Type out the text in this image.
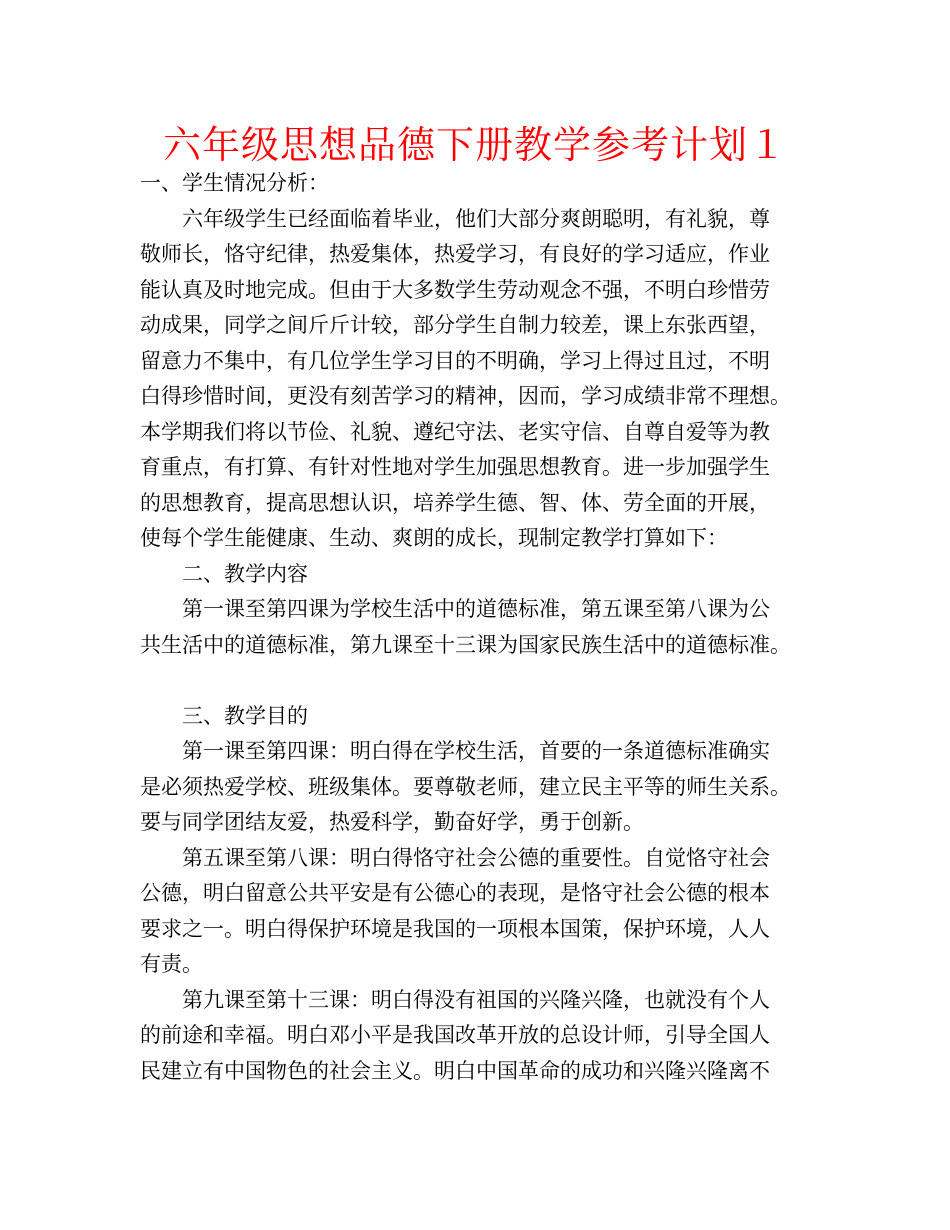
六年级思想品德下册教学参考计划１
一、学生情况分析：
六年级学生已经面临着毕业，他们大部分爽朗聪明，有礼貌，尊
敬师长，恪守纪律，热爱集体，热爱学习，有良好的学习适应，作业
能认真及时地完成。但由于大多数学生劳动观念不强，不明白珍惜劳
动成果，同学之间斤斤计较，部分学生自制力较差，课上东张西望，
留意力不集中，有几位学生学习目的不明确，学习上得过且过，不明
白得珍惜时间，更没有刻苦学习的精神，因而，学习成绩非常不理想。
本学期我们将以节俭、礼貌、遵纪守法、老实守信、自尊自爱等为教
育重点，有打算、有针对性地对学生加强思想教育。进一步加强学生
的思想教育，提高思想认识，培养学生德、智、体、劳全面的开展，
使每个学生能健康、生动、爽朗的成长，现制定教学打算如下：
二、教学内容
第一课至第四课为学校生活中的道德标准，第五课至第八课为公
共生活中的道德标准，第九课至十三课为国家民族生活中的道德标准。
三、教学目的
第一课至第四课：明白得在学校生活，首要的一条道德标准确实
是必须热爱学校、班级集体。要尊敬老师，建立民主平等的师生关系。
要与同学团结友爱，热爱科学，勤奋好学，勇于创新。
第五课至第八课：明白得恪守社会公德的重要性。自觉恪守社会
公德，明白留意公共平安是有公德心的表现，是恪守社会公德的根本
要求之一。明白得保护环境是我国的一项根本国策，保护环境，人人
有责。
第九课至第十三课：明白得没有祖国的兴隆兴隆，也就没有个人
的前途和幸福。明白邓小平是我国改革开放的总设计师，引导全国人
民建立有中国物色的社会主义。明白中国革命的成功和兴隆兴隆离不
